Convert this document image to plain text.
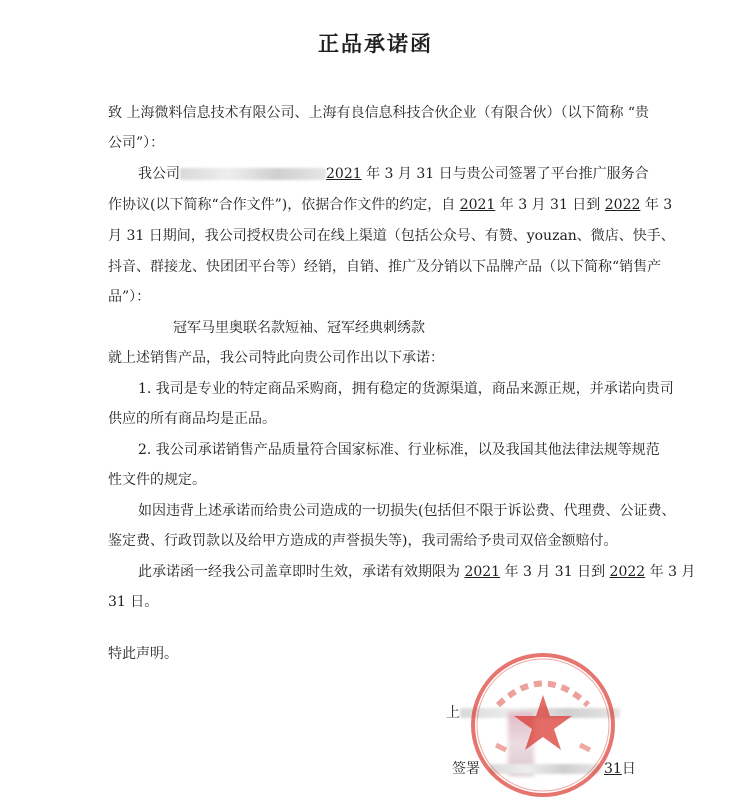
正品承诺函
致 上海微料信息技术有限公司、上海有良信息科技合伙企业（有限合伙）（以下简称 “贵
公司”）：
我公司	2021 年 3 月 31 日与贵公司签署了平台推广服务合
作协议(以下简称“合作文件”)，依据合作文件的约定，自 2021 年 3 月 31 日到 2022 年 3
月 31 日期间，我公司授权贵公司在线上渠道（包括公众号、有赞、youzan、微店、快手、
抖音、群接龙、快团团平台等）经销，自销、推广及分销以下品牌产品（以下简称“销售产
品”）：
冠军马里奥联名款短袖、冠军经典刺绣款
就上述销售产品，我公司特此向贵公司作出以下承诺：
1. 我司是专业的特定商品采购商，拥有稳定的货源渠道，商品来源正规，并承诺向贵司
供应的所有商品均是正品。
2. 我公司承诺销售产品质量符合国家标准、行业标准，以及我国其他法律法规等规范
性文件的规定。
如因违背上述承诺而给贵公司造成的一切损失(包括但不限于诉讼费、代理费、公证费、
鉴定费、行政罚款以及给甲方造成的声誉损失等)，我司需给予贵司双倍金额赔付。
此承诺函一经我公司盖章即时生效，承诺有效期限为 2021 年 3 月 31 日到 2022 年 3 月
31 日。
特此声明。
上
签署	31日
